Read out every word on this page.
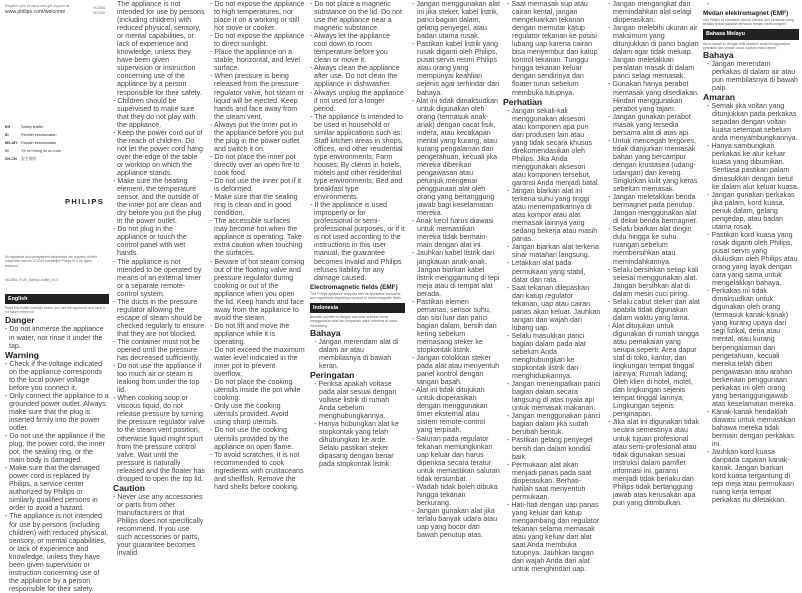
Register your product and get support at
www.philips.com/welcome
HD2581
HD2582
EN	Safety leaflet
ID	Pamflet keselamatan
MS-MY Risalah keselamatan
VI	Tờ rơi thông tin an toàn
ZH-CN 安全说明
PHILIPS
All registered and unregistered trademarks are property of their respective owners. © 2019 Koninklijke Philips N.V. All rights reserved.
HD2581_9 US_Safety Leaflet_V1.0
English

Read this leaflet carefully before you use the appliance and save it for future reference.

Danger

- Do not immerse the appliance in water, nor rinse it under the tap.

Warning

- Check if the voltage indicated on the appliance corresponds to the local power voltage before you connect it.

- Only connect the appliance to a grounded power outlet. Always make sure that the plug is inserted firmly into the power outlet.

- Do not use the appliance if the plug, the power cord, the inner pot, the sealing ring, or the main body is damaged.

- Make sure that the damaged power cord is replaced by Philips, a service center authorized by Philips or similarly qualified persons in order to avoid a hazard.

- The appliance is not intended for use by persons (including children) with reduced physical, sensory, or mental capabilities, or lack of experience and knowledge, unless they have been given supervision or instruction concerning use of the appliance by a person responsible for their safety.

The appliance is not intended for use by persons (including children) with reduced physical, sensory, or mental capabilities, or lack of experience and knowledge, unless they have been given supervision or instruction concerning use of the appliance by a person responsible for their safety.

- Children should be supervised to make sure that they do not play with the appliance.

- Keep the power cord out of the reach of children. Do not let the power cord hang over the edge of the table or worktop on which the appliance stands.

- Make sure the heating element, the temperature sensor, and the outside of the inner pot are clean and dry before you put the plug in the power outlet.

- Do not plug in the appliance or touch the control panel with wet hands.

- The appliance is not intended to be operated by means of an external timer or a separate remote-control system.

- The ducts in the pressure regulator allowing the escape of steam should be checked regularly to ensure that they are not blocked.

- The container must not be opened until the pressure has decreased sufficiently.

- Do not use the appliance if too much air or steam is leaking from under the top lid.

- When cooking soup or viscous liquid, do not release pressure by turning the pressure regulator valve to the steam vent position, otherwise liquid might spurt from the pressure control valve. Wait until the pressure is naturally released and the floater has dropped to open the top lid.

Caution

- Never use any accessories or parts from other manufacturers or that Philips does not specifically recommend. If you use such accessories or parts, your guarantee becomes invalid.

- Do not expose the appliance to high temperatures, nor place it on a working or still hot stove or cooker.

- Do not expose the appliance to direct sunlight.

- Place the appliance on a stable, horizontal, and level surface.

- When pressure is being released from the pressure regulator valve, hot steam or liquid will be ejected. Keep hands and face away from the steam vent.

- Always put the inner pot in the appliance before you put the plug in the power outlet and switch it on.

- Do not place the inner pot directly over an open fire to cook food.

- Do not use the inner pot if it is deformed.

- Make sure that the sealing ring is clean and in good condition.

- The accessible surfaces may become hot when the appliance is operating. Take extra caution when touching the surfaces.

- Beware of hot steam coming out of the floating valve and pressure regulator during cooking or out of the appliance when you open the lid. Keep hands and face away from the appliance to avoid the steam.

- Do not lift and move the appliance while it is operating.

- Do not exceed the maximum water level indicated in the inner pot to prevent overflow.

- Do not place the cooking utensils inside the pot while cooking.

- Only use the cooking utensils provided. Avoid using sharp utensils.

- Do not use the cooking utensils provided by the appliance on open flame.

- To avoid scratches, it is not recommended to cook ingredients with crustaceans and shellfish. Remove the hard shells before cooking.

- Do not place a magnetic substance on the lid. Do not use the appliance near a magnetic substance.

- Always let the appliance cool down to room temperature before you clean or move it.

- Always clean the appliance after use. Do not clean the appliance in dishwasher.

- Always unplug the appliance if not used for a longer period.

- The appliance is intended to be used in household or similar applications such as: Staff kitchen areas in shops, offices, and other residential type environments; Farm houses; By clients in hotels, motels and other residential type environments; Bed and breakfast type environments.

- If the appliance is used improperly or for professional or semi-professional purposes, or if it is not used according to the instructions in this user manual, the guarantee becomes invalid and Philips refuses liability for any damage caused.

Electromagnetic fields (EMF)

This Philips appliance complies with all applicable standards and regulations regarding exposure to electromagnetic fields.

Indonesia

Bacalah pamflet ini dengan saksama sebelum Anda menggunakan alat dan simpanlah untuk referensi di masa mendatang.

Bahaya

- Jangan merendam alat di dalam air atau membilasnya di bawah keran.

Peringatan

- Periksa apakah voltase pada alat sesuai dengan voltase listrik di rumah Anda sebelum menghubungkannya.

- Hanya hubungkan alat ke stopkontak yang telah dihubungkan ke arde. Selalu pastikan steker dipasang dengan benar pada stopkontak listrik.

- Jangan menggunakan alat ini jika steker, kabel listrik, panci bagian dalam, gelang penyegel, atau badan utama rusak.

- Pastikan kabel listrik yang rusak diganti oleh Philips, pusat servis resmi Philips atau orang yang mempunyai keahlian sejenis agar terhindar dari bahaya.

- Alat ini tidak dimaksudkan untuk digunakan oleh orang (termasuk anak-anak) dengan cacat fisik, indera, atau kecakapan mental yang kurang, atau kurang pengalaman dan pengetahuan, kecuali jika mereka diberikan pengawasan atau petunjuk mengenai penggunaan alat oleh orang yang bertanggung jawab bagi keselamatan mereka.

- Anak kecil harus diawasi untuk memastikan mereka tidak bermain-main dengan alat ini.

- Jauhkan kabel listrik dari jangkauan anak-anak. Jangan biarkan kabel listrik menggantung di tepi meja atau di tempat alat berada.

- Pastikan elemen pemanas, sensor suhu, dan sisi luar dari panci bagian dalam, bersih dan kering sebelum memasang steker ke stopkontak listrik.

- Jangan colokkan steker pada alat atau menyentuh panel kontrol dengan tangan basah.

- Alat ini tidak ditujukan untuk dioperasikan dengan menggunakan timer eksternal atau sistem remote-control yang terpisah.

- Saluran pada regulator tekanan memungkinkan uap keluar dan harus diperiksa secara teratur untuk memastikan saluran tidak tersumbat.

- Wadah tidak boleh dibuka hingga tekanan berkurang.

- Jangan gunakan alat jika terlalu banyak udara atau uap yang bocor dari bawah penutup atas.

- Saat memasak sup atau cairan kental, jangan mengeluarkan tekanan dengan memutar katup regulator tekanan ke posisi lubang uap karena cairan bisa menyembur dari katup kontrol tekanan. Tunggu hingga tekanan keluar dengan sendirinya dan floater turun sebelum membuka tutupnya.

Perhatian

- Jangan sekali-kali menggunakan aksesori atau komponen apa pun dari produsen lain atau yang tidak secara khusus direkomendasikan oleh Philips. Jika Anda menggunakan aksesori atau komponen tersebut, garansi Anda menjadi batal.

- Jangan biarkan alat ini terkena suhu yang tinggi atau menempatkannya di atas kompor atau alat memasak lainnya yang sedang bekerja atau masih panas.

- Jangan biarkan alat terkena sinar matahari langsung.

- Letakkan alat pada permukaan yang stabil, datar dan rata.

- Saat tekanan dilepaskan dari katup regulator tekanan, uap atau cairan panas akan keluar. Jauhkan tangan dan wajah dari lubang uap.

- Selalu masukkan panci bagian dalam pada alat sebelum Anda menghubungkan ke stopkontak listrik dan menghidupkannya.

- Jangan menempatkan panci bagian dalam secara langsung di atas nyala api untuk memasak makanan.

- Jangan menggunakan panci bagian dalam jika sudah berubah bentuk.

- Pastikan gelang penyegel bersih dan dalam kondisi baik.

- Permukaan alat akan menjadi panas pada saat dioperasikan. Berhati-hatilah saat menyentuh permukaan.

- Hati-hati dengan uap panas yang keluar dari katup mengambang dan regulator tekanan selama memasak atau yang keluar dari alat saat Anda membuka tutupnya. Jauhkan tangan dan wajah Anda dari alat untuk menghindari uap.

- Jangan mengangkat dan memindahkan alat selagi dioperasikan.

- Jangan melebihi ukuran air maksimum yang ditunjukkan di panci bagian dalam agar tidak meluap.

- Jangan meletakkan peralatan masak di dalam panci selagi memasak.

- Gunakan hanya perabot memasak yang disediakan. Hindari menggunakan perabot yang tajam.

- Jangan gunakan perabot masak yang tersedia bersama alat di atas api.

- Untuk mencegah tergores, tidak dianjurkan memasak bahan yang bercampur dengan krustasea (udang-udangan) dan kerang. Singkirkan kulit yang keras sebelum memasak.

- Jangan meletakkan benda bermagnet pada penutup. Jangan menggunakan alat di dekat benda bermagnet.

- Selalu biarkan alat dingin dulu hingga ke suhu ruangan sebelum membersihkan atau memindahkannya.

- Selalu bersihkan setiap kali selesai menggunakan alat. Jangan bersihkan alat di dalam mesin cuci piring.

- Selalu cabut steker dari alat apabila tidak digunakan dalam waktu yang lama.

- Alat ditujukan untuk digunakan di rumah tangga atau pemakaian yang serupa seperti: Area dapur staf di toko, kantor, dan lingkungan tempat tinggal lainnya; Rumah ladang; Oleh klien di hotel, motel, dan lingkungan sejenis tempat tinggal lainnya; Lingkungan sejenis penginapan.

- Jika alat ini digunakan tidak secara semestinya atau untuk tujuan profesional atau semi-profesional atau tidak digunakan sesuai instruksi dalam pamflet informasi ini, garansi menjadi tidak berlaku dan Philips tidak bertanggung jawab atas kerusakan apa pun yang ditimbulkan.

-

Medan elektromagnet (EMF)

Alat Philips ini mematuhi semua standar dan peraturan yang berlaku terkait paparan terhadap medan elektromagnet.

Bahasa Melayu

Baca risalah ini dengan teliti sebelum anda menggunakan perkakas dan simpan untuk rujukan masa depan.

Bahaya

- Jangan merendam perkakas di dalam air atau pun membilasnya di bawah paip.

Amaran

- Semak jika voltan yang ditunjukkan pada perkakas sepadan dengan voltan kuasa setempat sebelum anda menyambungkannya.

- Hanya sambungkan perkakas ke alur keluar kuasa yang dibumikan. Sentiasa pastikan palam dimasukkan dengan betul ke dalam alur keluar kuasa.

- Jangan gunakan perkakas jika palam, kord kuasa, periuk dalam, gelang pengedap, atau badan utama rosak.

- Pastikan kord kuasa yang rosak diganti oleh Philips, pusat servis yang diluluskan oleh Philips atau orang yang layak dengan cara yang sama untuk mengelakkan bahaya.

- Perkakas ini tidak dimaksudkan untuk digunakan oleh orang (termasuk kanak-kanak) yang kurang upaya dari segi fizikal, deria atau mental, atau kurang berpengalaman dan pengetahuan, kecuali mereka telah diberi pengawasan atau arahan berkenaan penggunaan perkakas ini oleh orang yang bertanggungjawab atas keselamatan mereka.

- Kanak-kanak hendaklah diawasi untuk memastikan bahawa mereka tidak bermain dengan perkakas ini.

- Jauhkan kord kuasa daripada capaian kanak-kanak. Jangan biarkan kord kuasa tergantung di tepi meja atau permukaan ruang kerja tempat perkakas itu diletakkan.
